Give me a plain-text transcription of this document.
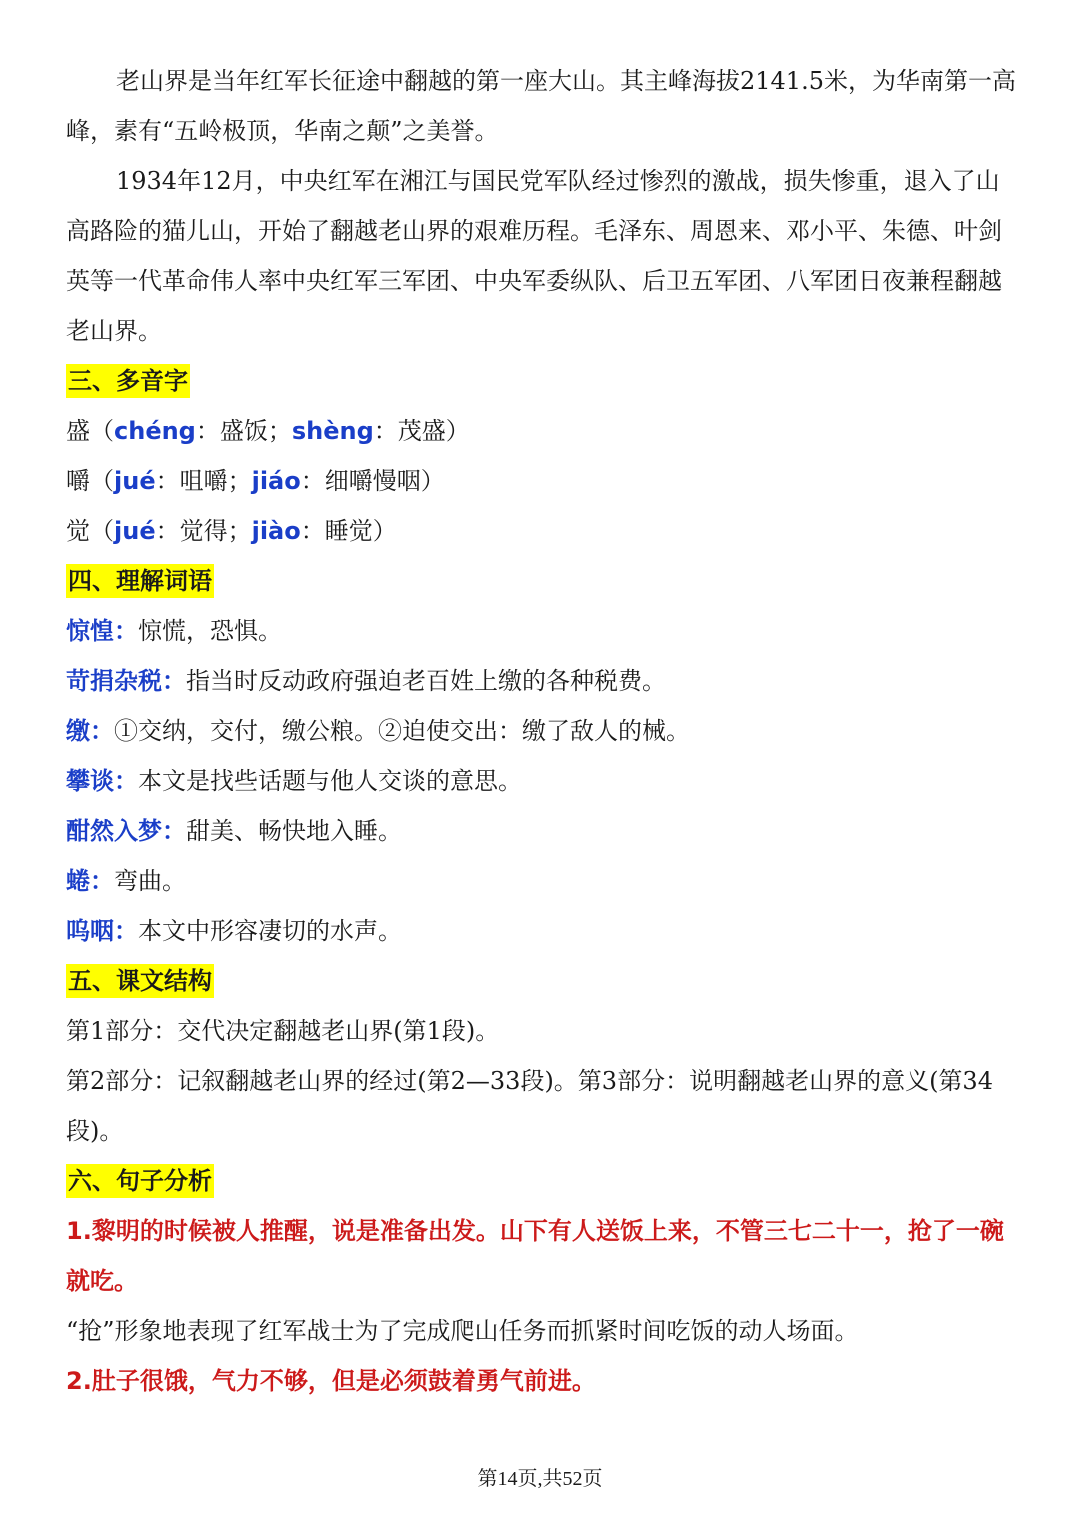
老山界是当年红军长征途中翻越的第一座大山。其主峰海拔2141.5米，为华南第一高峰，素有“五岭极顶，华南之颠”之美誉。

1934年12月，中央红军在湘江与国民党军队经过惨烈的激战，损失惨重，退入了山高路险的猫儿山，开始了翻越老山界的艰难历程。毛泽东、周恩来、邓小平、朱德、叶剑英等一代革命伟人率中央红军三军团、中央军委纵队、后卫五军团、八军团日夜兼程翻越老山界。

三、多音字

盛（chéng：盛饭；shèng：茂盛）

嚼（jué：咀嚼；jiáo：细嚼慢咽）

觉（jué：觉得；jiào：睡觉）

四、理解词语

惊惶：惊慌，恐惧。

苛捐杂税：指当时反动政府强迫老百姓上缴的各种税费。

缴：①交纳，交付，缴公粮。②迫使交出：缴了敌人的械。

攀谈：本文是找些话题与他人交谈的意思。

酣然入梦：甜美、畅快地入睡。

蜷：弯曲。

呜咽：本文中形容凄切的水声。

五、课文结构

第1部分：交代决定翻越老山界(第1段)。

第2部分：记叙翻越老山界的经过(第2—33段)。第3部分：说明翻越老山界的意义(第34段)。

六、句子分析

1.黎明的时候被人推醒，说是准备出发。山下有人送饭上来，不管三七二十一，抢了一碗就吃。

“抢”形象地表现了红军战士为了完成爬山任务而抓紧时间吃饭的动人场面。

2.肚子很饿，气力不够，但是必须鼓着勇气前进。

第14页,共52页
